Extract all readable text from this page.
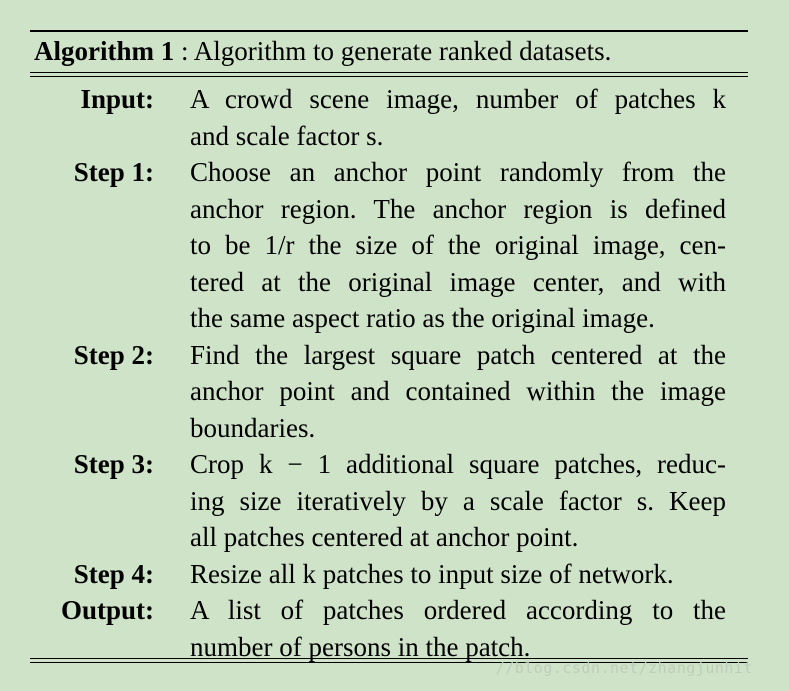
Algorithm 1 : Algorithm to generate ranked datasets.
Input: A crowd scene image, number of patches k
and scale factor s.
Step 1: Choose an anchor point randomly from the
anchor region. The anchor region is defined
to be 1/r the size of the original image, cen-
tered at the original image center, and with
the same aspect ratio as the original image.
Step 2: Find the largest square patch centered at the
anchor point and contained within the image
boundaries.
Step 3: Crop k − 1 additional square patches, reduc-
ing size iteratively by a scale factor s. Keep
all patches centered at anchor point.
Step 4: Resize all k patches to input size of network.
Output: A list of patches ordered according to the
number of persons in the patch.
//blog.csdn.net/zhangjunhit
